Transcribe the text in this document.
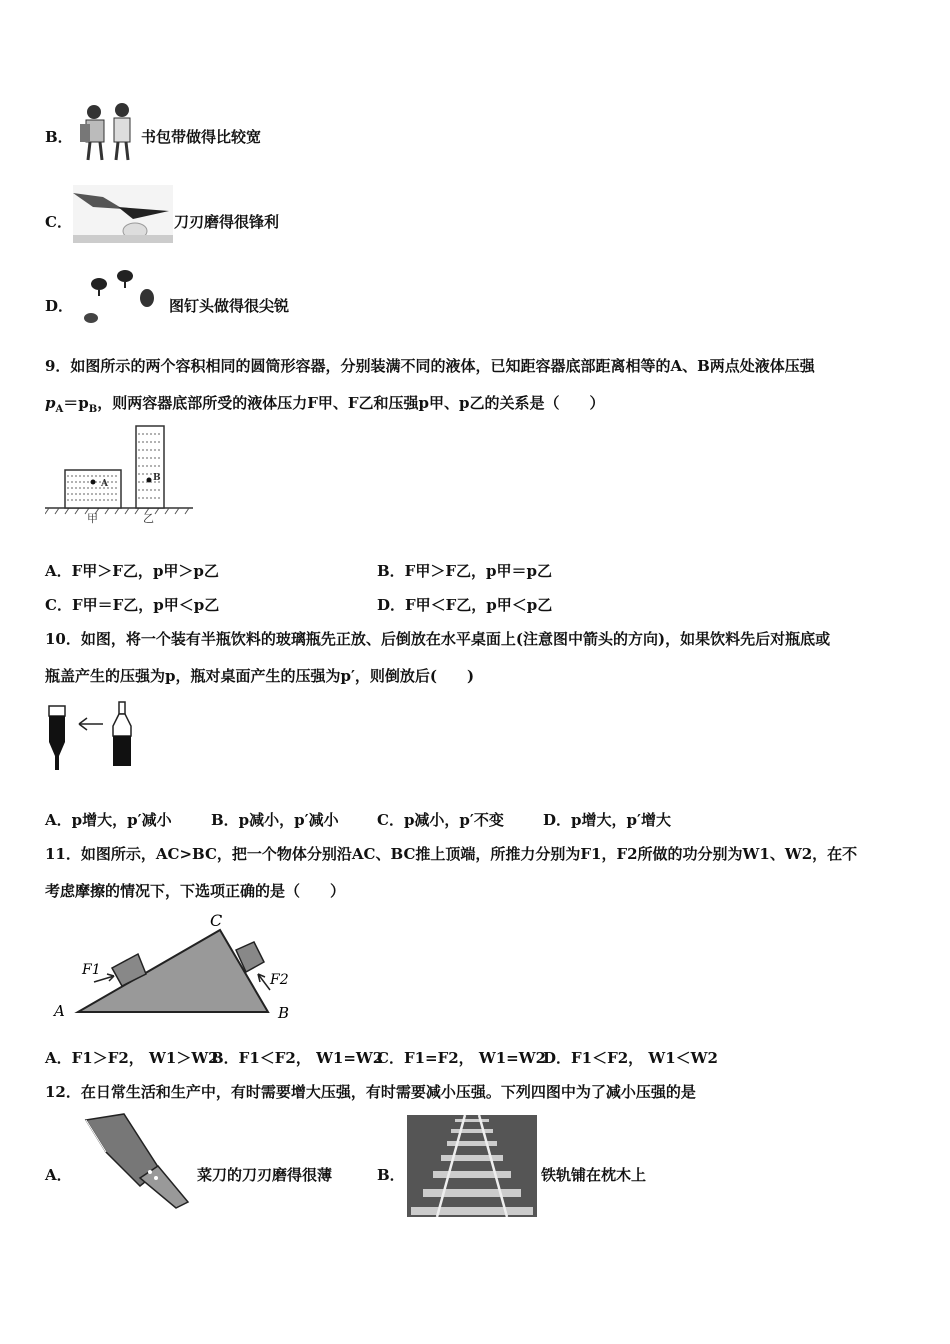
B．	书包带做得比较宽
C．	刀刃磨得很锋利
D．	图钉头做得很尖锐
9．如图所示的两个容积相同的圆筒形容器，分别装满不同的液体，已知距容器底部距离相等的A、B两点处液体压强
$p_A=p_B$，则两容器底部所受的液体压力F甲、F乙和压强p甲、p乙的关系是（　　）
A
B
甲	乙
A．F甲＞F乙，p甲＞p乙	B．F甲＞F乙，p甲＝p乙
C．F甲＝F乙，p甲＜p乙	D．F甲＜F乙，p甲＜p乙
10．如图，将一个装有半瓶饮料的玻璃瓶先正放、后倒放在水平桌面上(注意图中箭头的方向)，如果饮料先后对瓶底或
瓶盖产生的压强为p，瓶对桌面产生的压强为p′，则倒放后(　　)
A．p增大，p′减小	B．p减小，p′减小	C．p减小，p′不变	D．p增大，p′增大
11．如图所示，AC>BC，把一个物体分别沿AC、BC推上顶端，所推力分别为F1，F2所做的功分别为W1、W2，在不
考虑摩擦的情况下，下选项正确的是（　　）
C
A	B
F1
F2
A．F1＞F2， W1＞W2
B．F1＜F2， W1=W2
C．F1=F2， W1=W2
D．F1＜F2， W1＜W2
12．在日常生活和生产中，有时需要增大压强，有时需要减小压强。下列四图中为了减小压强的是
A．	菜刀的刀刃磨得很薄	B．	铁轨铺在枕木上
